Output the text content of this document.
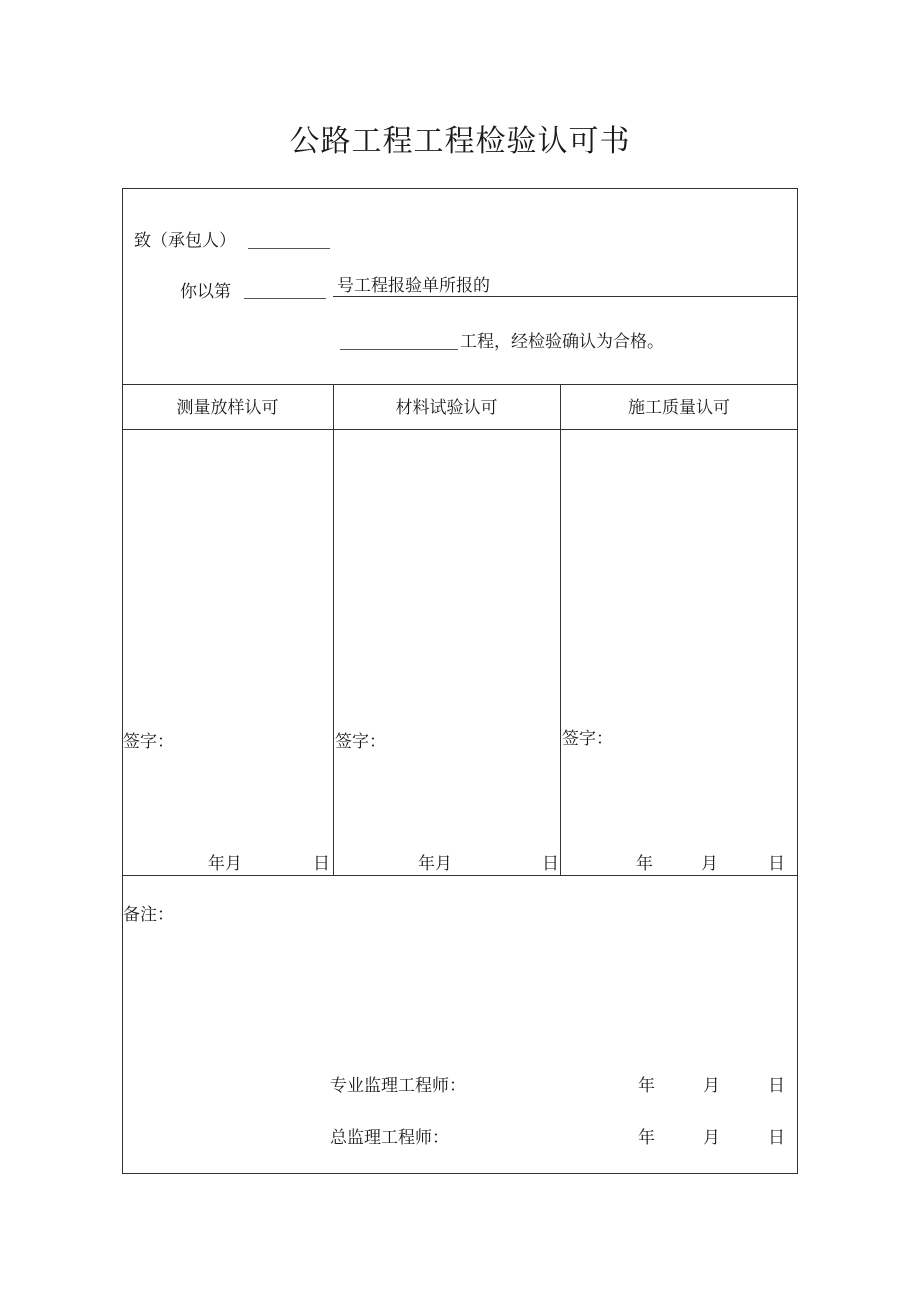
公路工程工程检验认可书
致（承包人）
你以第	号工程报验单所报的
工程，经检验确认为合格。
测量放样认可	材料试验认可	施工质量认可
签字：	签字：	签字：
年月	日	年月	日	年	月	日
备注：
专业监理工程师：	年	月	日
总监理工程师：	年	月	日
